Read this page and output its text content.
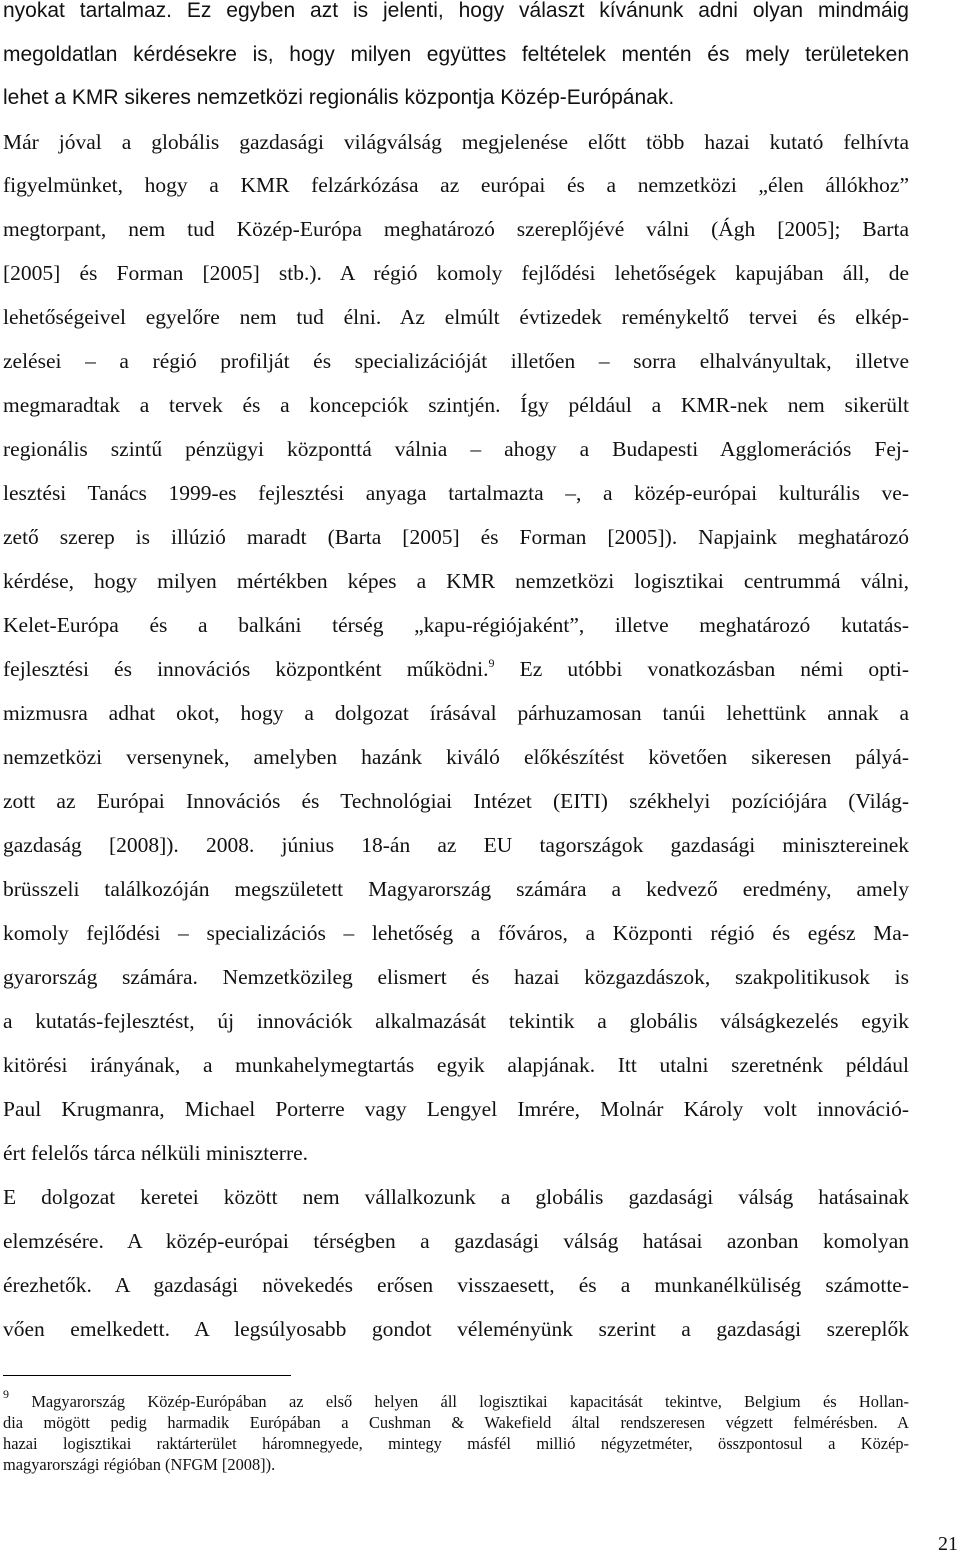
nyokat tartalmaz. Ez egyben azt is jelenti, hogy választ kívánunk adni olyan mindmáig
megoldatlan kérdésekre is, hogy milyen együttes feltételek mentén és mely területeken
lehet a KMR sikeres nemzetközi regionális központja Közép-Európának.
Már jóval a globális gazdasági világválság megjelenése előtt több hazai kutató felhívta
figyelmünket, hogy a KMR felzárkózása az európai és a nemzetközi „élen állókhoz”
megtorpant, nem tud Közép-Európa meghatározó szereplőjévé válni (Ágh [2005]; Barta
[2005] és Forman [2005] stb.). A régió komoly fejlődési lehetőségek kapujában áll, de
lehetőségeivel egyelőre nem tud élni. Az elmúlt évtizedek reménykeltő tervei és elkép-
zelései – a régió profilját és specializációját illetően – sorra elhalványultak, illetve
megmaradtak a tervek és a koncepciók szintjén. Így például a KMR-nek nem sikerült
regionális szintű pénzügyi központtá válnia – ahogy a Budapesti Agglomerációs Fej-
lesztési Tanács 1999-es fejlesztési anyaga tartalmazta –, a közép-európai kulturális ve-
zető szerep is illúzió maradt (Barta [2005] és Forman [2005]). Napjaink meghatározó
kérdése, hogy milyen mértékben képes a KMR nemzetközi logisztikai centrummá válni,
Kelet-Európa és a balkáni térség „kapu-régiójaként”, illetve meghatározó kutatás-
fejlesztési és innovációs központként működni.$^9$ Ez utóbbi vonatkozásban némi opti-
mizmusra adhat okot, hogy a dolgozat írásával párhuzamosan tanúi lehettünk annak a
nemzetközi versenynek, amelyben hazánk kiváló előkészítést követően sikeresen pályá-
zott az Európai Innovációs és Technológiai Intézet (EITI) székhelyi pozíciójára (Világ-
gazdaság [2008]). 2008. június 18-án az EU tagországok gazdasági minisztereinek
brüsszeli találkozóján megszületett Magyarország számára a kedvező eredmény, amely
komoly fejlődési – specializációs – lehetőség a főváros, a Központi régió és egész Ma-
gyarország számára. Nemzetközileg elismert és hazai közgazdászok, szakpolitikusok is
a kutatás-fejlesztést, új innovációk alkalmazását tekintik a globális válságkezelés egyik
kitörési irányának, a munkahelymegtartás egyik alapjának. Itt utalni szeretnénk például
Paul Krugmanra, Michael Porterre vagy Lengyel Imrére, Molnár Károly volt innováció-
ért felelős tárca nélküli miniszterre.
E dolgozat keretei között nem vállalkozunk a globális gazdasági válság hatásainak
elemzésére. A közép-európai térségben a gazdasági válság hatásai azonban komolyan
érezhetők. A gazdasági növekedés erősen visszaesett, és a munkanélküliség számotte-
vően emelkedett. A legsúlyosabb gondot véleményünk szerint a gazdasági szereplők
$^9$ Magyarország Közép-Európában az első helyen áll logisztikai kapacitását tekintve, Belgium és Hollan-
dia mögött pedig harmadik Európában a Cushman & Wakefield által rendszeresen végzett felmérésben. A
hazai logisztikai raktárterület háromnegyede, mintegy másfél millió négyzetméter, összpontosul a Közép-
magyarországi régióban (NFGM [2008]).
21
